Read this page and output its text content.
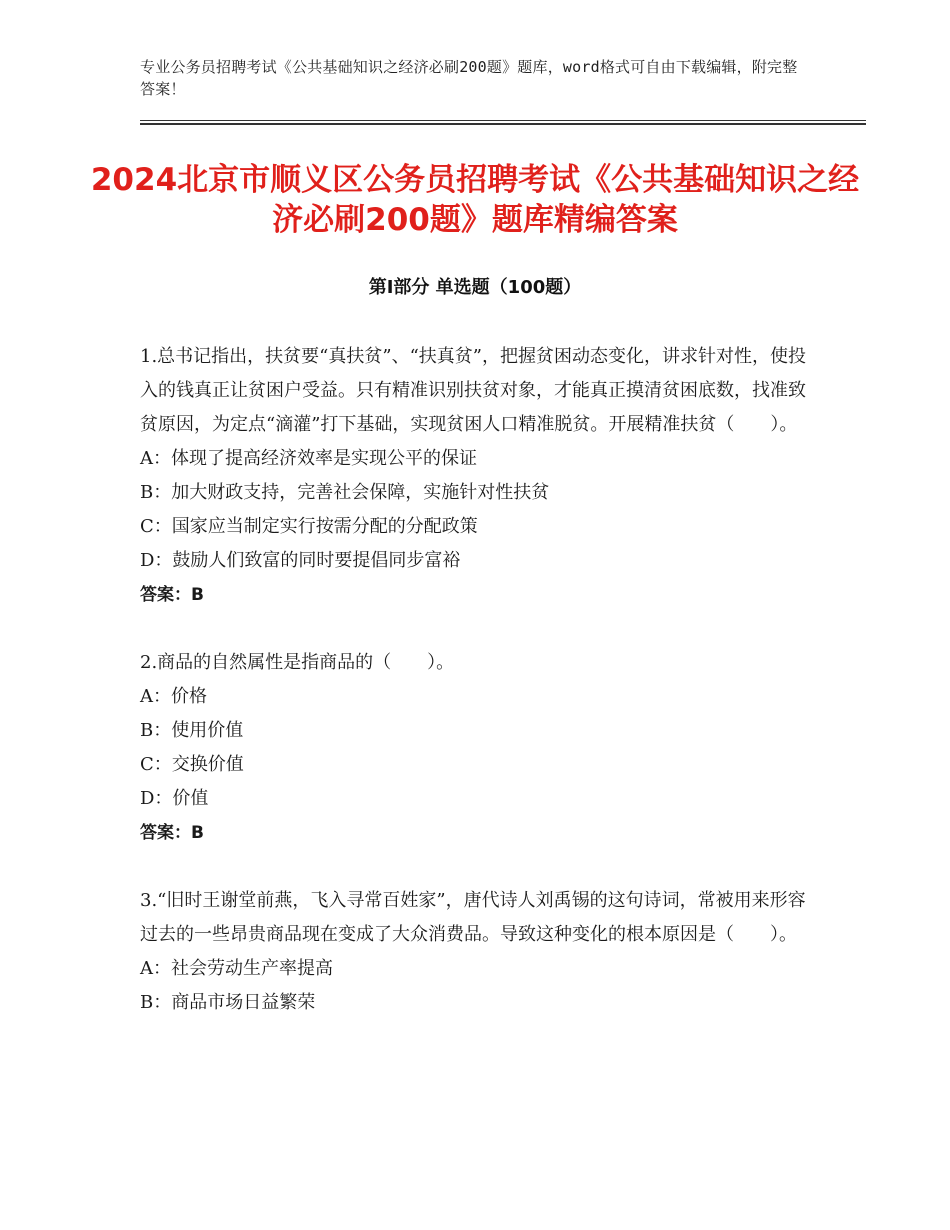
专业公务员招聘考试《公共基础知识之经济必刷200题》题库，word格式可自由下载编辑，附完整答案！
2024北京市顺义区公务员招聘考试《公共基础知识之经济必刷200题》题库精编答案
第Ⅰ部分 单选题（100题）

1.总书记指出，扶贫要“真扶贫”、“扶真贫”，把握贫困动态变化，讲求针对性，使投入的钱真正让贫困户受益。只有精准识别扶贫对象，才能真正摸清贫困底数，找准致贫原因，为定点“滴灌”打下基础，实现贫困人口精准脱贫。开展精准扶贫（　　）。

A：体现了提高经济效率是实现公平的保证

B：加大财政支持，完善社会保障，实施针对性扶贫

C：国家应当制定实行按需分配的分配政策

D：鼓励人们致富的同时要提倡同步富裕

答案：B

2.商品的自然属性是指商品的（　　）。

A：价格

B：使用价值

C：交换价值

D：价值

答案：B

3.“旧时王谢堂前燕，飞入寻常百姓家”，唐代诗人刘禹锡的这句诗词，常被用来形容过去的一些昂贵商品现在变成了大众消费品。导致这种变化的根本原因是（　　）。

A：社会劳动生产率提高

B：商品市场日益繁荣
